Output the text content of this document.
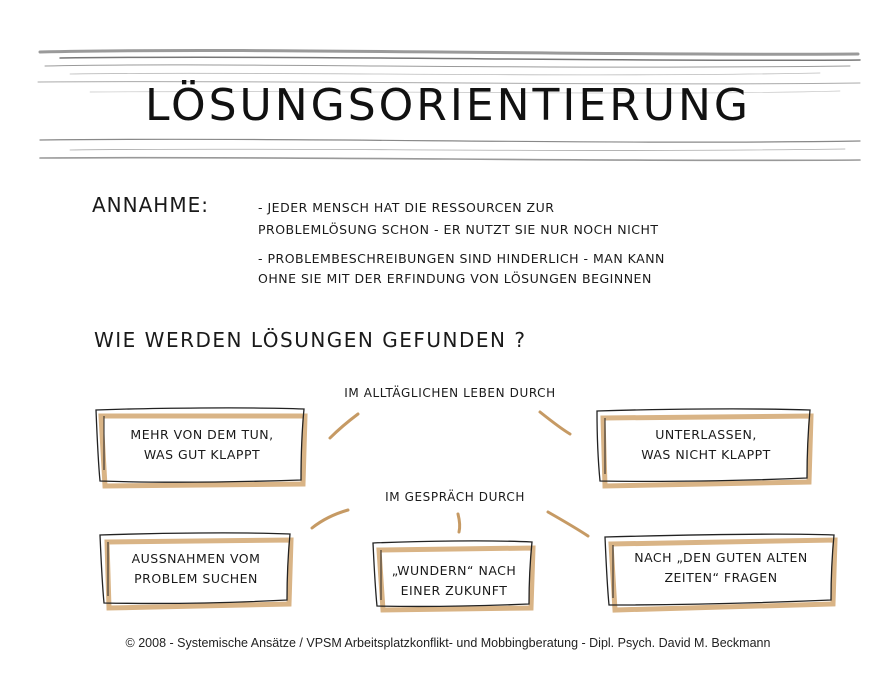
LÖSUNGSORIENTIERUNG
ANNAHME:	- JEDER MENSCH HAT DIE RESSOURCEN ZUR
PROBLEMLÖSUNG SCHON - ER NUTZT SIE NUR NOCH NICHT
- PROBLEMBESCHREIBUNGEN SIND HINDERLICH - MAN KANN
OHNE SIE MIT DER ERFINDUNG VON LÖSUNGEN BEGINNEN
WIE WERDEN LÖSUNGEN GEFUNDEN ?
IM ALLTÄGLICHEN LEBEN DURCH
MEHR VON DEM TUN,
WAS GUT KLAPPT
UNTERLASSEN,
WAS NICHT KLAPPT
IM GESPRÄCH DURCH
AUSSNAHMEN VOM
PROBLEM SUCHEN
„WUNDERN“ NACH
EINER ZUKUNFT
NACH „DEN GUTEN ALTEN
ZEITEN“ FRAGEN
© 2008 - Systemische Ansätze / VPSM Arbeitsplatzkonflikt- und Mobbingberatung - Dipl. Psych. David M. Beckmann
